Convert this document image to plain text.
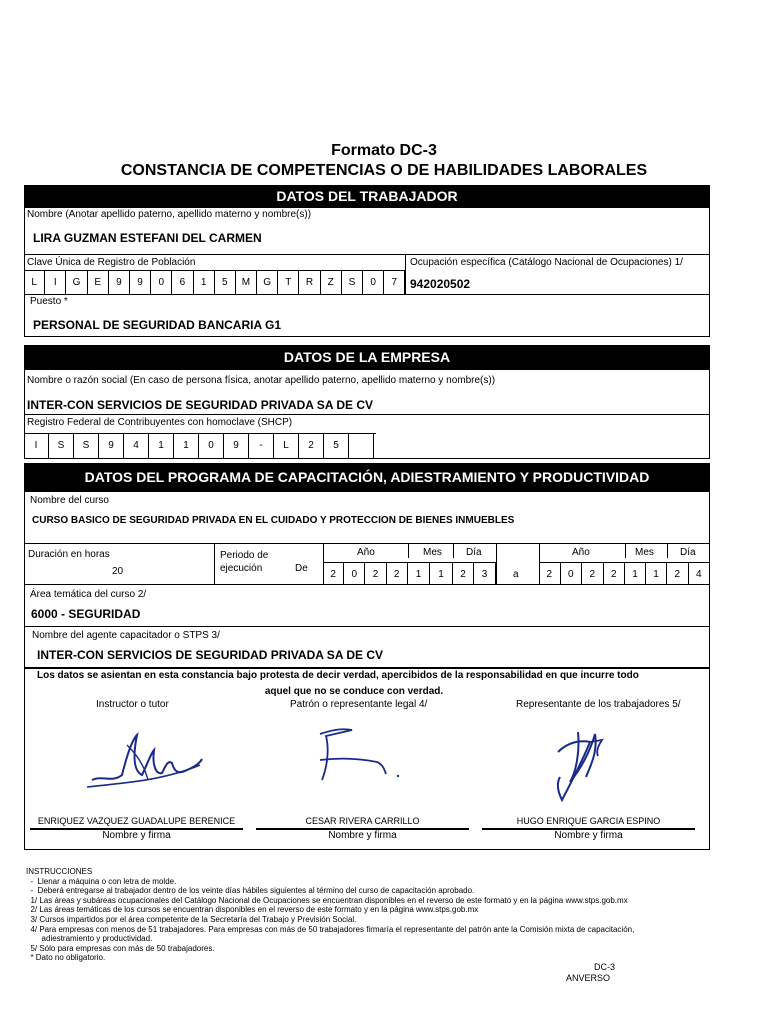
Formato DC-3
CONSTANCIA DE COMPETENCIAS O DE HABILIDADES LABORALES
DATOS DEL TRABAJADOR
Nombre (Anotar apellido paterno, apellido materno y nombre(s))
LIRA GUZMAN ESTEFANI DEL CARMEN
Clave Única de Registro de Población
L	I	G	E	9	9	0	6	1	5	M	G	T	R	Z	S	0	7
Ocupación específica (Catálogo Nacional de Ocupaciones) 1/
942020502
Puesto *
PERSONAL DE SEGURIDAD BANCARIA G1
DATOS DE LA EMPRESA
Nombre o razón social (En caso de persona física, anotar apellido paterno, apellido materno y nombre(s))
INTER-CON SERVICIOS DE SEGURIDAD PRIVADA SA DE CV
Registro Federal de Contribuyentes con homoclave (SHCP)
I	S	S	9	4	1	1	0	9	-	L	2	5
DATOS DEL PROGRAMA DE CAPACITACIÓN, ADIESTRAMIENTO Y PRODUCTIVIDAD
Nombre del curso
CURSO BASICO DE SEGURIDAD PRIVADA EN EL CUIDADO Y PROTECCION DE BIENES INMUEBLES
Duración en horas
20
Periodo de
ejecución	De
Año	Mes Día
2	0	2	2	1	1	2	3	a
Año	Mes	Día
2	0	2	2	1	1	2	4
Área temática del curso 2/
6000 - SEGURIDAD
Nombre del agente capacitador o STPS 3/
INTER-CON SERVICIOS DE SEGURIDAD PRIVADA SA DE CV
Los datos se asientan en esta constancia bajo protesta de decir verdad, apercibidos de la responsabilidad en que incurre todo
aquel que no se conduce con verdad.
Instructor o tutor	Patrón o representante legal 4/	Representante de los trabajadores 5/
ENRIQUEZ VAZQUEZ GUADALUPE BERENICE	CESAR RIVERA CARRILLO	HUGO ENRIQUE GARCIA ESPINO
Nombre y firma	Nombre y firma	Nombre y firma
INSTRUCCIONES
-  Llenar a máquina o con letra de molde.
-  Deberá entregarse al trabajador dentro de los veinte días hábiles siguientes al término del curso de capacitación aprobado.
1/ Las áreas y subáreas ocupacionales del Catálogo Nacional de Ocupaciones se encuentran disponibles en el reverso de este formato y en la página www.stps.gob.mx
2/ Las áreas temáticas de los cursos se encuentran disponibles en el reverso de este formato y en la página www.stps.gob.mx
3/ Cursos impartidos por el área competente de la Secretaría del Trabajo y Previsión Social.
4/ Para empresas con menos de 51 trabajadores. Para empresas con más de 50 trabajadores firmaría el representante del patrón ante la Comisión mixta de capacitación,
adiestramiento y productividad.
5/ Sólo para empresas con más de 50 trabajadores.
* Dato no obligatorio.
DC-3
ANVERSO
